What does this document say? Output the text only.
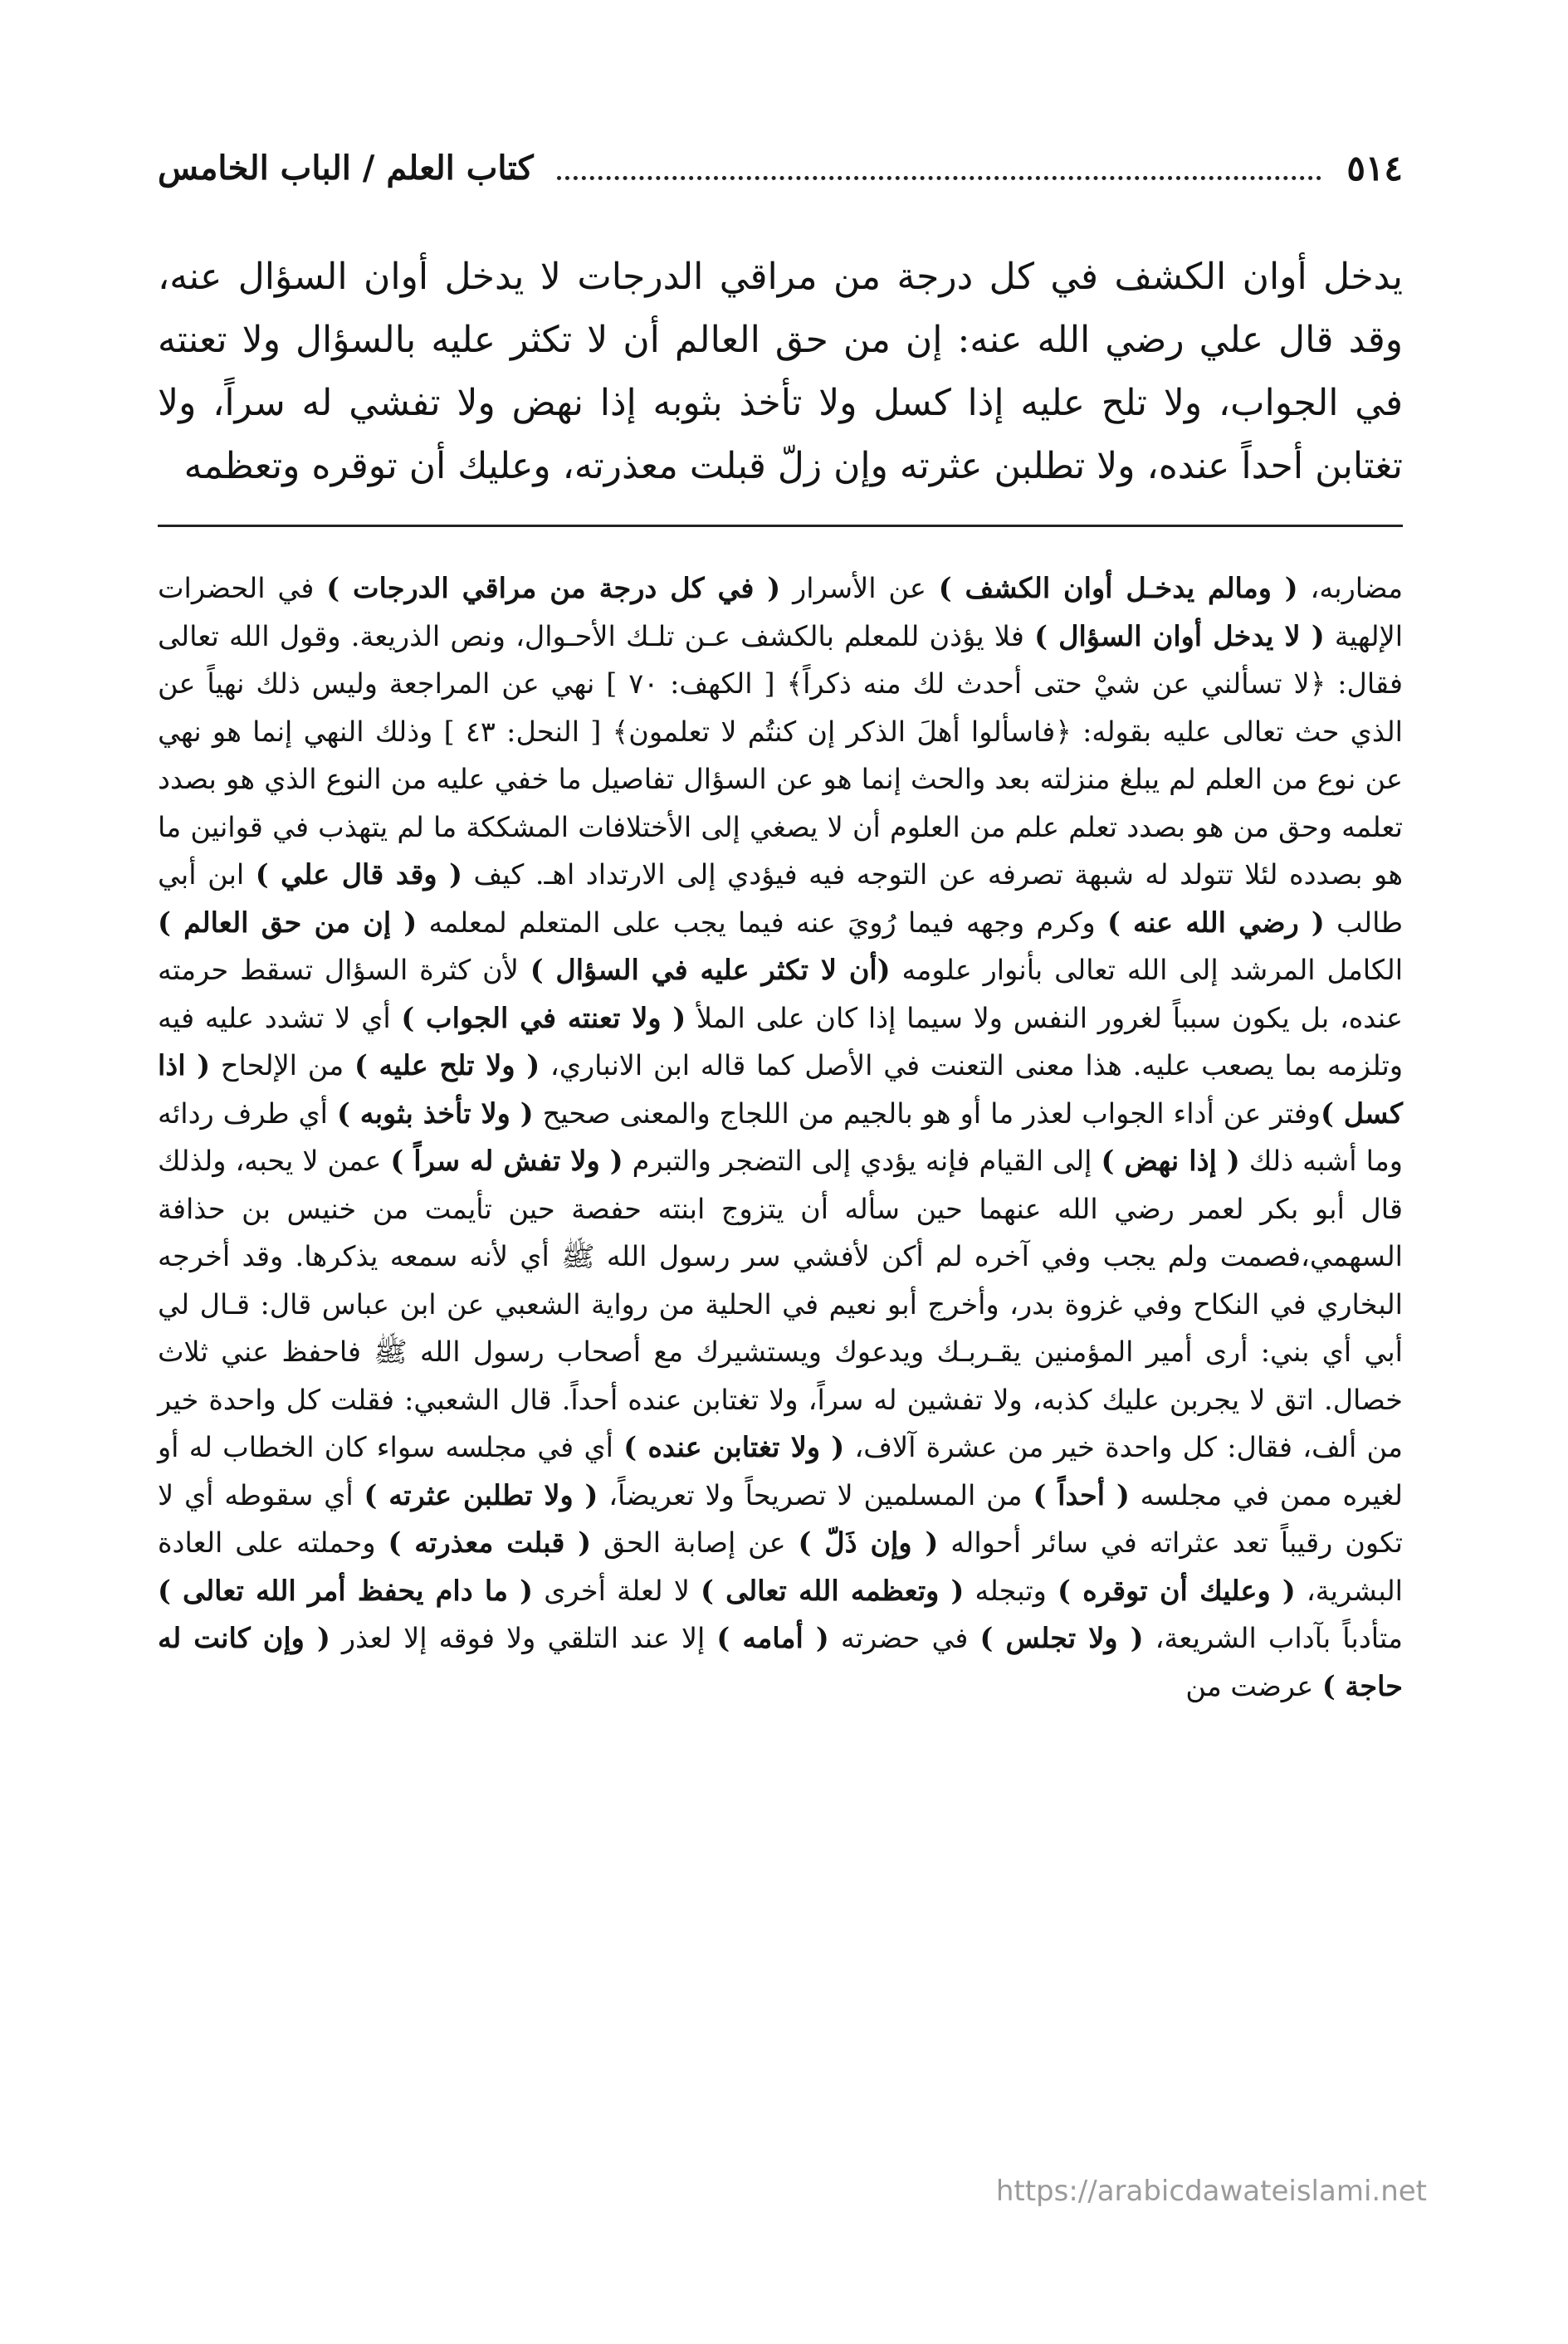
٥١٤
كتاب العلم / الباب الخامس

يدخل أوان الكشف في كل درجة من مراقي الدرجات لا يدخل أوان السؤال عنه، وقد قال علي رضي الله عنه: إن من حق العالم أن لا تكثر عليه بالسؤال ولا تعنته في الجواب، ولا تلح عليه إذا كسل ولا تأخذ بثوبه إذا نهض ولا تفشي له سراً، ولا تغتابن أحداً عنده، ولا تطلبن عثرته وإن زلّ قبلت معذرته، وعليك أن توقره وتعظمه

مضاربه، ( ومالم يدخـل أوان الكشف ) عن الأسرار ( في كل درجة من مراقي الدرجات ) في الحضرات الإلهية ( لا يدخل أوان السؤال ) فلا يؤذن للمعلم بالكشف عـن تلـك الأحـوال، ونص الذريعة. وقول الله تعالى فقال: ﴿لا تسألني عن شيْ حتى أحدث لك منه ذكراً﴾ [ الكهف: ٧٠ ] نهي عن المراجعة وليس ذلك نهياً عن الذي حث تعالى عليه بقوله: ﴿فاسألوا أهلَ الذكر إن كنتُم لا تعلمون﴾ [ النحل: ٤٣ ] وذلك النهي إنما هو نهي عن نوع من العلم لم يبلغ منزلته بعد والحث إنما هو عن السؤال تفاصيل ما خفي عليه من النوع الذي هو بصدد تعلمه وحق من هو بصدد تعلم علم من العلوم أن لا يصغي إلى الأختلافات المشككة ما لم يتهذب في قوانين ما هو بصدده لئلا تتولد له شبهة تصرفه عن التوجه فيه فيؤدي إلى الارتداد اهـ. كيف ( وقد قال علي ) ابن أبي طالب ( رضي الله عنه ) وكرم وجهه فيما رُويَ عنه فيما يجب على المتعلم لمعلمه ( إن من حق العالم ) الكامل المرشد إلى الله تعالى بأنوار علومه (أن لا تكثر عليه في السؤال ) لأن كثرة السؤال تسقط حرمته عنده، بل يكون سبباً لغرور النفس ولا سيما إذا كان على الملأ ( ولا تعنته في الجواب ) أي لا تشدد عليه فيه وتلزمه بما يصعب عليه. هذا معنى التعنت في الأصل كما قاله ابن الانباري، ( ولا تلح عليه ) من الإلحاح ( اذا كسل )وفتر عن أداء الجواب لعذر ما أو هو بالجيم من اللجاج والمعنى صحيح ( ولا تأخذ بثوبه ) أي طرف ردائه وما أشبه ذلك ( إذا نهض ) إلى القيام فإنه يؤدي إلى التضجر والتبرم ( ولا تفش له سراً ) عمن لا يحبه، ولذلك قال أبو بكر لعمر رضي الله عنهما حين سأله أن يتزوج ابنته حفصة حين تأيمت من خنيس بن حذافة السهمي،فصمت ولم يجب وفي آخره لم أكن لأفشي سر رسول الله ﷺ أي لأنه سمعه يذكرها. وقد أخرجه البخاري في النكاح وفي غزوة بدر، وأخرج أبو نعيم في الحلية من رواية الشعبي عن ابن عباس قال: قـال لي أبي أي بني: أرى أمير المؤمنين يقـربـك ويدعوك ويستشيرك مع أصحاب رسول الله ﷺ فاحفظ عني ثلاث خصال. اتق لا يجربن عليك كذبه، ولا تفشين له سراً، ولا تغتابن عنده أحداً. قال الشعبي: فقلت كل واحدة خير من ألف، فقال: كل واحدة خير من عشرة آلاف، ( ولا تغتابن عنده ) أي في مجلسه سواء كان الخطاب له أو لغيره ممن في مجلسه ( أحداً ) من المسلمين لا تصريحاً ولا تعريضاً، ( ولا تطلبن عثرته ) أي سقوطه أي لا تكون رقيباً تعد عثراته في سائر أحواله ( وإن ذَلّ ) عن إصابة الحق ( قبلت معذرته ) وحملته على العادة البشرية، ( وعليك أن توقره ) وتبجله ( وتعظمه الله تعالى ) لا لعلة أخرى ( ما دام يحفظ أمر الله تعالى ) متأدباً بآداب الشريعة، ( ولا تجلس ) في حضرته ( أمامه ) إلا عند التلقي ولا فوقه إلا لعذر ( وإن كانت له حاجة ) عرضت من

https://arabicdawateislami.net
